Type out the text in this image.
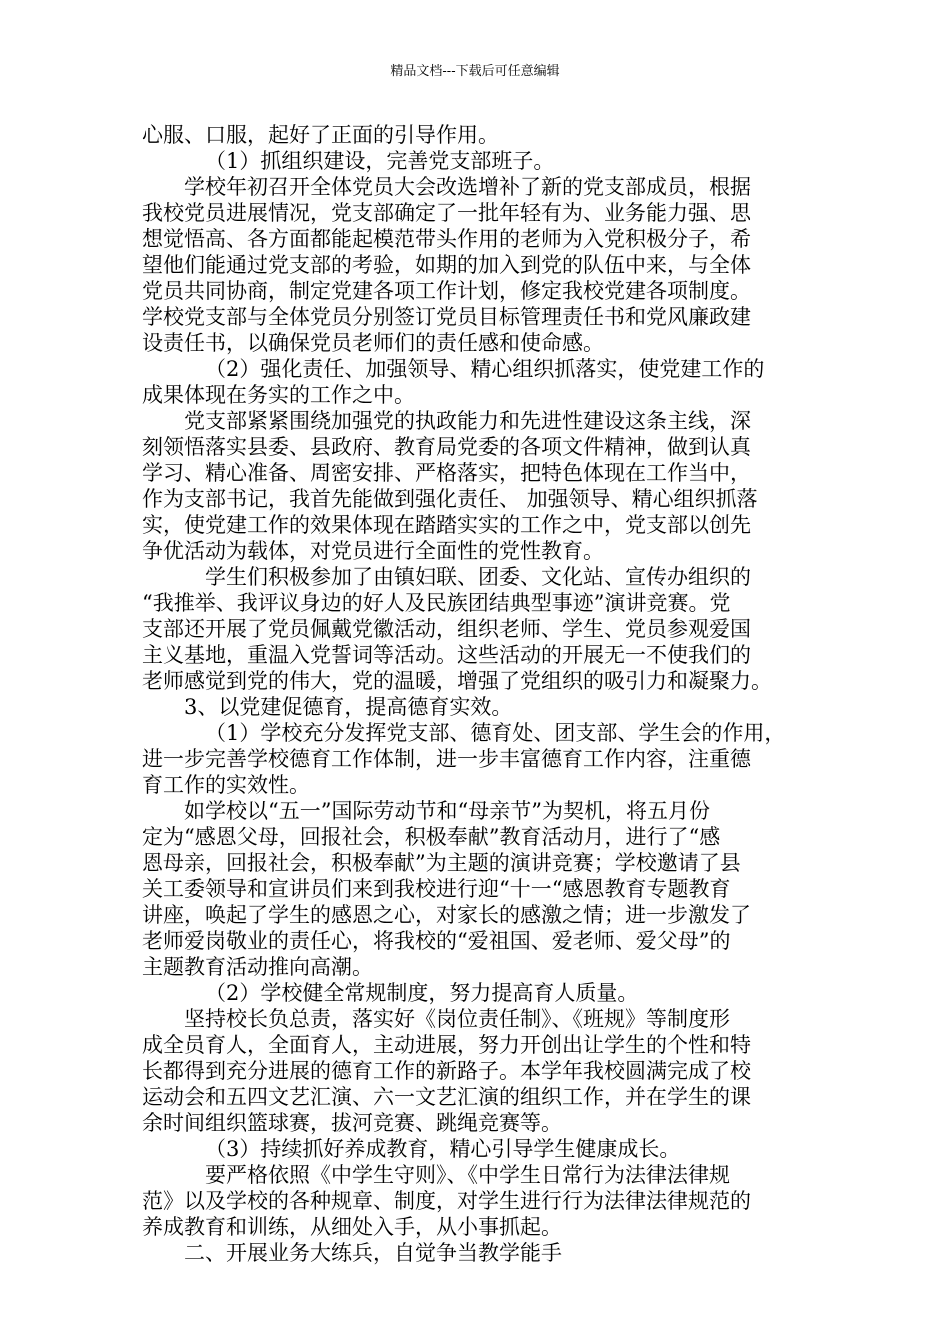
精品文档---下载后可任意编辑
心服、口服，起好了正面的引导作用。
（1）抓组织建设，完善党支部班子。
学校年初召开全体党员大会改选增补了新的党支部成员，根据
我校党员进展情况，党支部确定了一批年轻有为、业务能力强、思
想觉悟高、各方面都能起模范带头作用的老师为入党积极分子，希
望他们能通过党支部的考验，如期的加入到党的队伍中来，与全体
党员共同协商，制定党建各项工作计划，修定我校党建各项制度。
学校党支部与全体党员分别签订党员目标管理责任书和党风廉政建
设责任书，以确保党员老师们的责任感和使命感。
（2）强化责任、加强领导、精心组织抓落实，使党建工作的
成果体现在务实的工作之中。
党支部紧紧围绕加强党的执政能力和先进性建设这条主线，深
刻领悟落实县委、县政府、教育局党委的各项文件精神，做到认真
学习、精心准备、周密安排、严格落实，把特色体现在工作当中，
作为支部书记，我首先能做到强化责任、 加强领导、精心组织抓落
实，使党建工作的效果体现在踏踏实实的工作之中，党支部以创先
争优活动为载体，对党员进行全面性的党性教育。
学生们积极参加了由镇妇联、团委、文化站、宣传办组织的
“我推举、我评议身边的好人及民族团结典型事迹”演讲竞赛。党
支部还开展了党员佩戴党徽活动，组织老师、学生、党员参观爱国
主义基地，重温入党誓词等活动。这些活动的开展无一不使我们的
老师感觉到党的伟大，党的温暖，增强了党组织的吸引力和凝聚力。
3、以党建促德育，提高德育实效。
（1）学校充分发挥党支部、德育处、团支部、学生会的作用，
进一步完善学校德育工作体制，进一步丰富德育工作内容，注重德
育工作的实效性。
如学校以“五一”国际劳动节和“母亲节”为契机，将五月份
定为“感恩父母，回报社会，积极奉献”教育活动月，进行了“感
恩母亲，回报社会，积极奉献”为主题的演讲竞赛；学校邀请了县
关工委领导和宣讲员们来到我校进行迎“十一“感恩教育专题教育
讲座，唤起了学生的感恩之心，对家长的感激之情；进一步激发了
老师爱岗敬业的责任心，将我校的“爱祖国、爱老师、爱父母”的
主题教育活动推向高潮。
（2）学校健全常规制度，努力提高育人质量。
坚持校长负总责，落实好《岗位责任制》、《班规》等制度形
成全员育人，全面育人，主动进展，努力开创出让学生的个性和特
长都得到充分进展的德育工作的新路子。本学年我校圆满完成了校
运动会和五四文艺汇演、六一文艺汇演的组织工作，并在学生的课
余时间组织篮球赛，拔河竞赛、跳绳竞赛等。
（3）持续抓好养成教育，精心引导学生健康成长。
要严格依照《中学生守则》、《中学生日常行为法律法律规
范》以及学校的各种规章、制度，对学生进行行为法律法律规范的
养成教育和训练，从细处入手，从小事抓起。
二、开展业务大练兵，自觉争当教学能手
